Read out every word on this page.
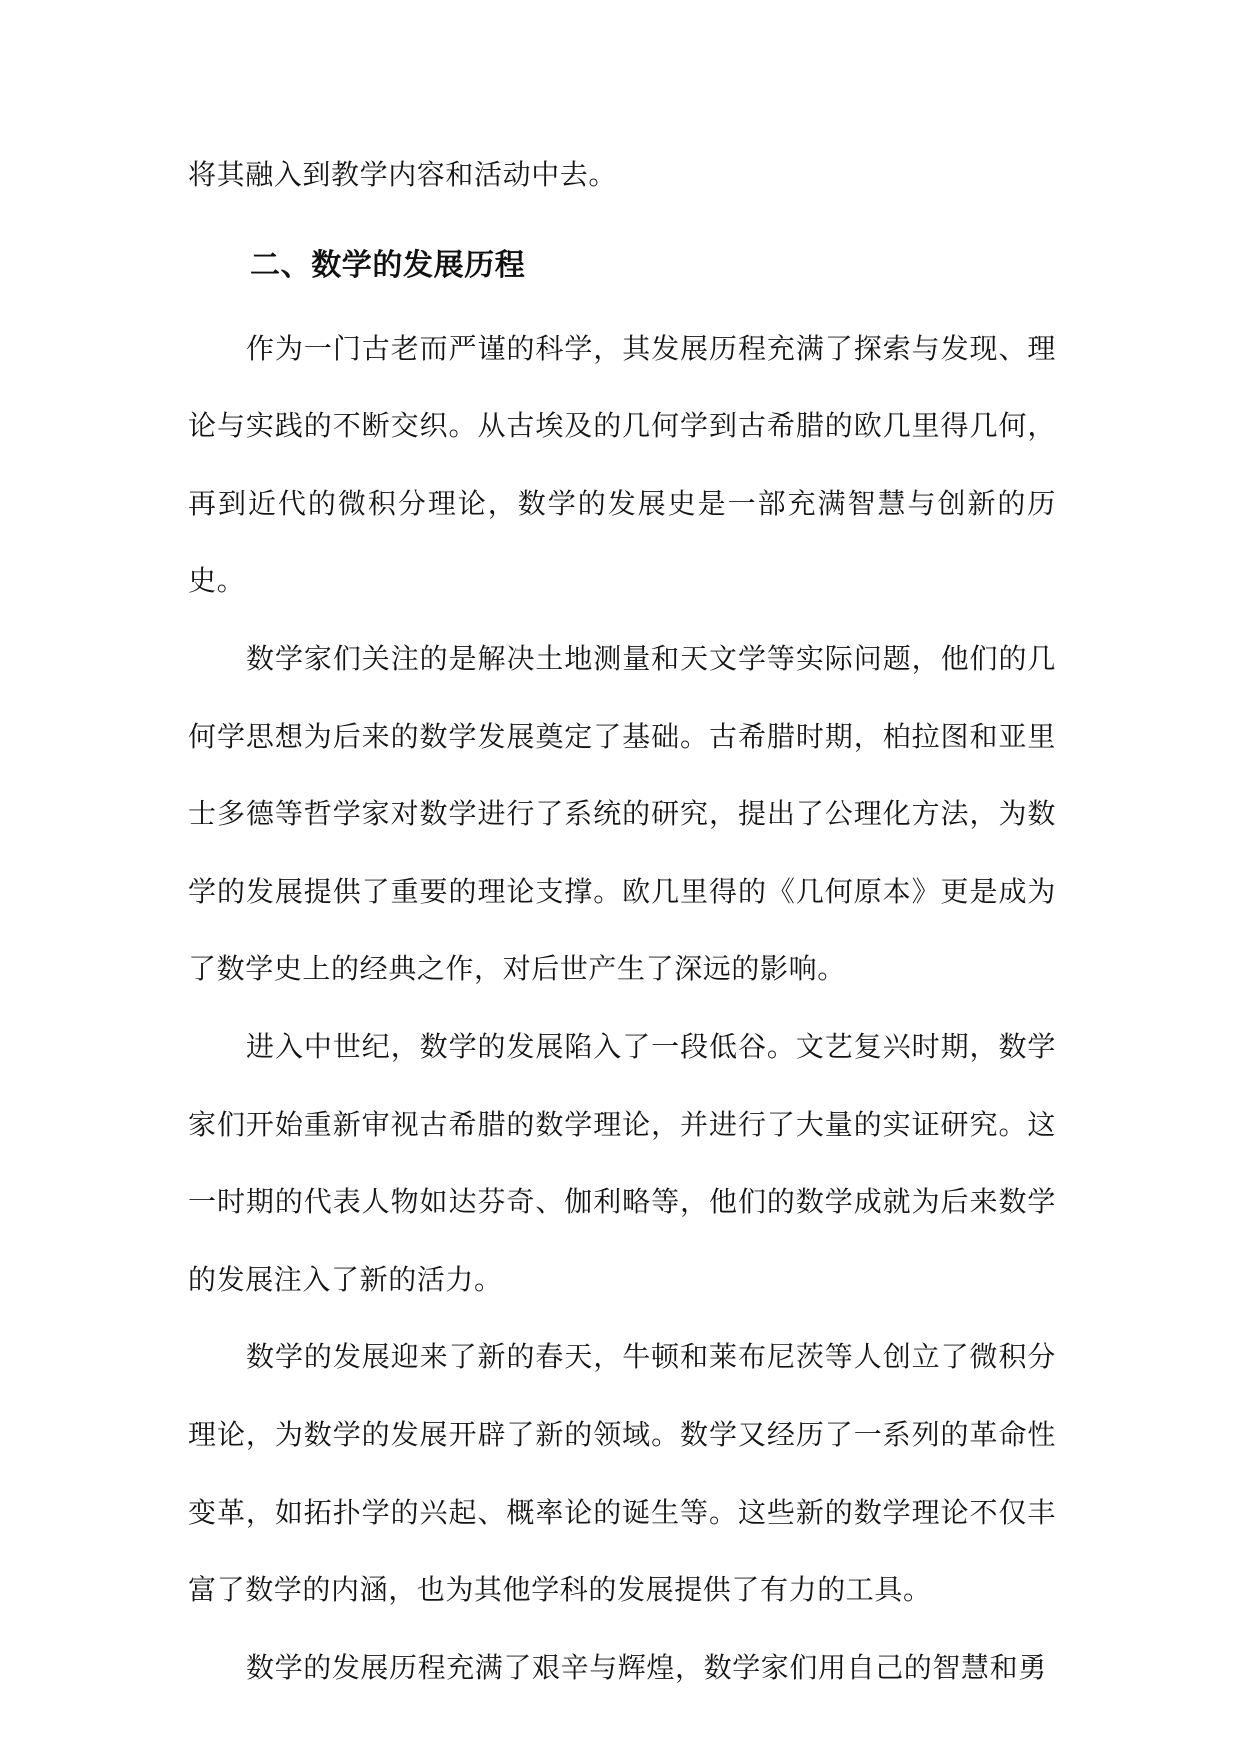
将其融入到教学内容和活动中去。

二、数学的发展历程

作为一门古老而严谨的科学，其发展历程充满了探索与发现、理论与实践的不断交织。从古埃及的几何学到古希腊的欧几里得几何，再到近代的微积分理论，数学的发展史是一部充满智慧与创新的历史。

数学家们关注的是解决土地测量和天文学等实际问题，他们的几何学思想为后来的数学发展奠定了基础。古希腊时期，柏拉图和亚里士多德等哲学家对数学进行了系统的研究，提出了公理化方法，为数学的发展提供了重要的理论支撑。欧几里得的《几何原本》更是成为了数学史上的经典之作，对后世产生了深远的影响。

进入中世纪，数学的发展陷入了一段低谷。文艺复兴时期，数学家们开始重新审视古希腊的数学理论，并进行了大量的实证研究。这一时期的代表人物如达芬奇、伽利略等，他们的数学成就为后来数学的发展注入了新的活力。

数学的发展迎来了新的春天，牛顿和莱布尼茨等人创立了微积分理论，为数学的发展开辟了新的领域。数学又经历了一系列的革命性变革，如拓扑学的兴起、概率论的诞生等。这些新的数学理论不仅丰富了数学的内涵，也为其他学科的发展提供了有力的工具。

数学的发展历程充满了艰辛与辉煌，数学家们用自己的智慧和勇
